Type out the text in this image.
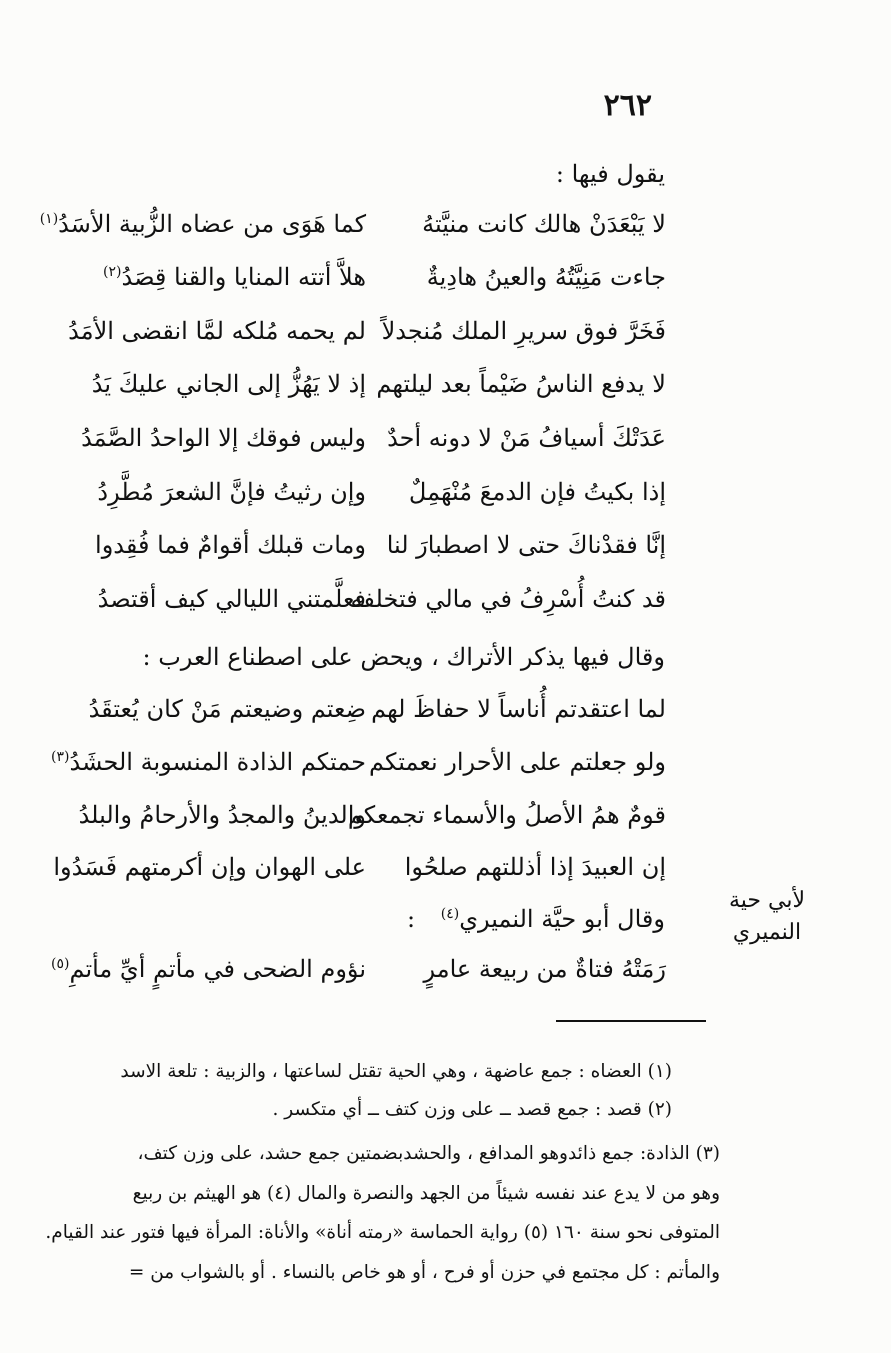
٢٦٢
يقول فيها :
لا يَبْعَدَنْ هالك كانت منيَّتهُ
كما هَوَى من عضاه الزُّبية الأسَدُ$^{(١)}$
جاءت مَنِيَّتُهُ والعينُ هادِيةٌ
هلاَّ أتته المنايا والقنا قِصَدُ$^{(٢)}$
فَخَرَّ فوق سريرِ الملك مُنجدلاً
لم يحمه مُلكه لمَّا انقضى الأمَدُ
لا يدفع الناسُ ضَيْماً بعد ليلتهم
إذ لا يَهُزُّ إلى الجاني عليكَ يَدُ
عَدَتْكَ أسيافُ مَنْ لا دونه أحدٌ
وليس فوقك إلا الواحدُ الصَّمَدُ
إذا بكيتُ فإن الدمعَ مُنْهَمِلٌ
وإن رثيتُ فإنَّ الشعرَ مُطَّرِدُ
إنَّا فقدْناكَ حتى لا اصطبارَ لنا
ومات قبلك أقوامٌ فما فُقِدوا
قد كنتُ أُسْرِفُ في مالي فتخلفه
فعلَّمتني الليالي كيف أقتصدُ
وقال فيها يذكر الأتراك ، ويحض على اصطناع العرب :
لما اعتقدتم أُناساً لا حفاظَ لهم
ضِعتم وضيعتم مَنْ كان يُعتقَدُ
ولو جعلتم على الأحرار نعمتكم
حمتكم الذادة المنسوبة الحشَدُ$^{(٣)}$
قومٌ همُ الأصلُ والأسماء تجمعكم
والدينُ والمجدُ والأرحامُ والبلدُ
إن العبيدَ إذا أذللتهم صلحُوا
على الهوان وإن أكرمتهم فَسَدُوا
وقال أبو حيَّة النميري$^{(٤)}$ :
لأبي حية
النميري
رَمَتْهُ فتاةٌ من ربيعة عامرٍ
نؤوم الضحى في مأتمٍ أيِّ مأتمِ$^{(٥)}$
(١) العضاه : جمع عاضهة ، وهي الحية تقتل لساعتها ، والزبية : تلعة الاسد
(٢) قصد : جمع قصد ــ على وزن كتف ــ أي متكسر .
(٣) الذادة: جمع ذائدوهو المدافع ، والحشدبضمتين جمع حشد، على وزن كتف،
وهو من لا يدع عند نفسه شيئاً من الجهد والنصرة والمال (٤) هو الهيثم بن ربيع
المتوفى نحو سنة ١٦٠ (٥) رواية الحماسة «رمته أناة» والأناة: المرأة فيها فتور عند القيام.
والمأتم : كل مجتمع في حزن أو فرح ، أو هو خاص بالنساء . أو بالشواب من =
